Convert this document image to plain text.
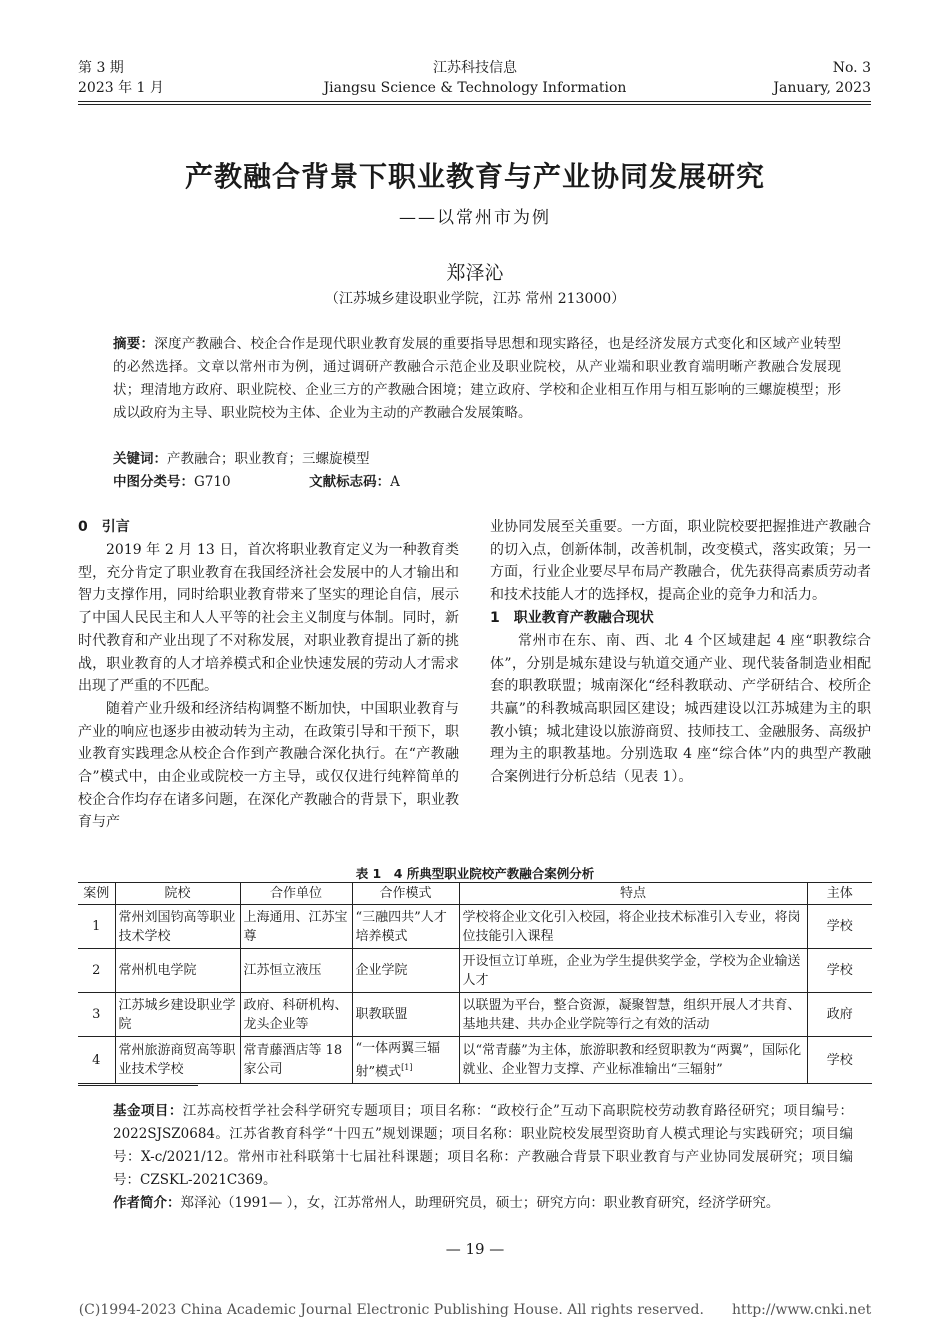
第 3 期
2023 年 1 月
江苏科技信息
Jiangsu Science & Technology Information
No. 3
January, 2023
产教融合背景下职业教育与产业协同发展研究
——以常州市为例
郑泽沁
（江苏城乡建设职业学院，江苏 常州 213000）
摘要：深度产教融合、校企合作是现代职业教育发展的重要指导思想和现实路径，也是经济发展方式变化和区域产业转型的必然选择。文章以常州市为例，通过调研产教融合示范企业及职业院校，从产业端和职业教育端明晰产教融合发展现状；理清地方政府、职业院校、企业三方的产教融合困境；建立政府、学校和企业相互作用与相互影响的三螺旋模型；形成以政府为主导、职业院校为主体、企业为主动的产教融合发展策略。
关键词：产教融合；职业教育；三螺旋模型
中图分类号：G710	文献标志码：A
0　引言

2019 年 2 月 13 日，首次将职业教育定义为一种教育类型，充分肯定了职业教育在我国经济社会发展中的人才输出和智力支撑作用，同时给职业教育带来了坚实的理论自信，展示了中国人民民主和人人平等的社会主义制度与体制。同时，新时代教育和产业出现了不对称发展，对职业教育提出了新的挑战，职业教育的人才培养模式和企业快速发展的劳动人才需求出现了严重的不匹配。

随着产业升级和经济结构调整不断加快，中国职业教育与产业的响应也逐步由被动转为主动，在政策引导和干预下，职业教育实践理念从校企合作到产教融合深化执行。在“产教融合”模式中，由企业或院校一方主导，或仅仅进行纯粹简单的校企合作均存在诸多问题，在深化产教融合的背景下，职业教育与产

业协同发展至关重要。一方面，职业院校要把握推进产教融合的切入点，创新体制，改善机制，改变模式，落实政策；另一方面，行业企业要尽早布局产教融合，优先获得高素质劳动者和技术技能人才的选择权，提高企业的竞争力和活力。

1　职业教育产教融合现状

常州市在东、南、西、北 4 个区域建起 4 座“职教综合体”，分别是城东建设与轨道交通产业、现代装备制造业相配套的职教联盟；城南深化“经科教联动、产学研结合、校所企共赢”的科教城高职园区建设；城西建设以江苏城建为主的职教小镇；城北建设以旅游商贸、技师技工、金融服务、高级护理为主的职教基地。分别选取 4 座“综合体”内的典型产教融合案例进行分析总结（见表 1）。

表 1　4 所典型职业院校产教融合案例分析
案例	院校	合作单位	合作模式	特点	主体
1	常州刘国钧高等职业技术学校	上海通用、江苏宝尊	“三融四共”人才培养模式	学校将企业文化引入校园，将企业技术标准引入专业，将岗位技能引入课程	学校
2	常州机电学院	江苏恒立液压	企业学院	开设恒立订单班，企业为学生提供奖学金，学校为企业输送人才	学校
3	江苏城乡建设职业学院	政府、科研机构、龙头企业等	职教联盟	以联盟为平台，整合资源，凝聚智慧，组织开展人才共育、基地共建、共办企业学院等行之有效的活动	政府
4	常州旅游商贸高等职业技术学校	常青藤酒店等 18 家公司	“一体两翼三辐射”模式[1]	以“常青藤”为主体，旅游职教和经贸职教为“两翼”，国际化就业、企业智力支撑、产业标准输出“三辐射”	学校
基金项目：江苏高校哲学社会科学研究专题项目；项目名称：“政校行企”互动下高职院校劳动教育路径研究；项目编号：2022SJSZ0684。江苏省教育科学“十四五”规划课题；项目名称：职业院校发展型资助育人模式理论与实践研究；项目编号：X-c/2021/12。常州市社科联第十七届社科课题；项目名称：产教融合背景下职业教育与产业协同发展研究；项目编号：CZSKL-2021C369。
作者简介：郑泽沁（1991— ），女，江苏常州人，助理研究员，硕士；研究方向：职业教育研究，经济学研究。
— 19 —
(C)1994-2023 China Academic Journal Electronic Publishing House. All rights reserved.　　http://www.cnki.net
